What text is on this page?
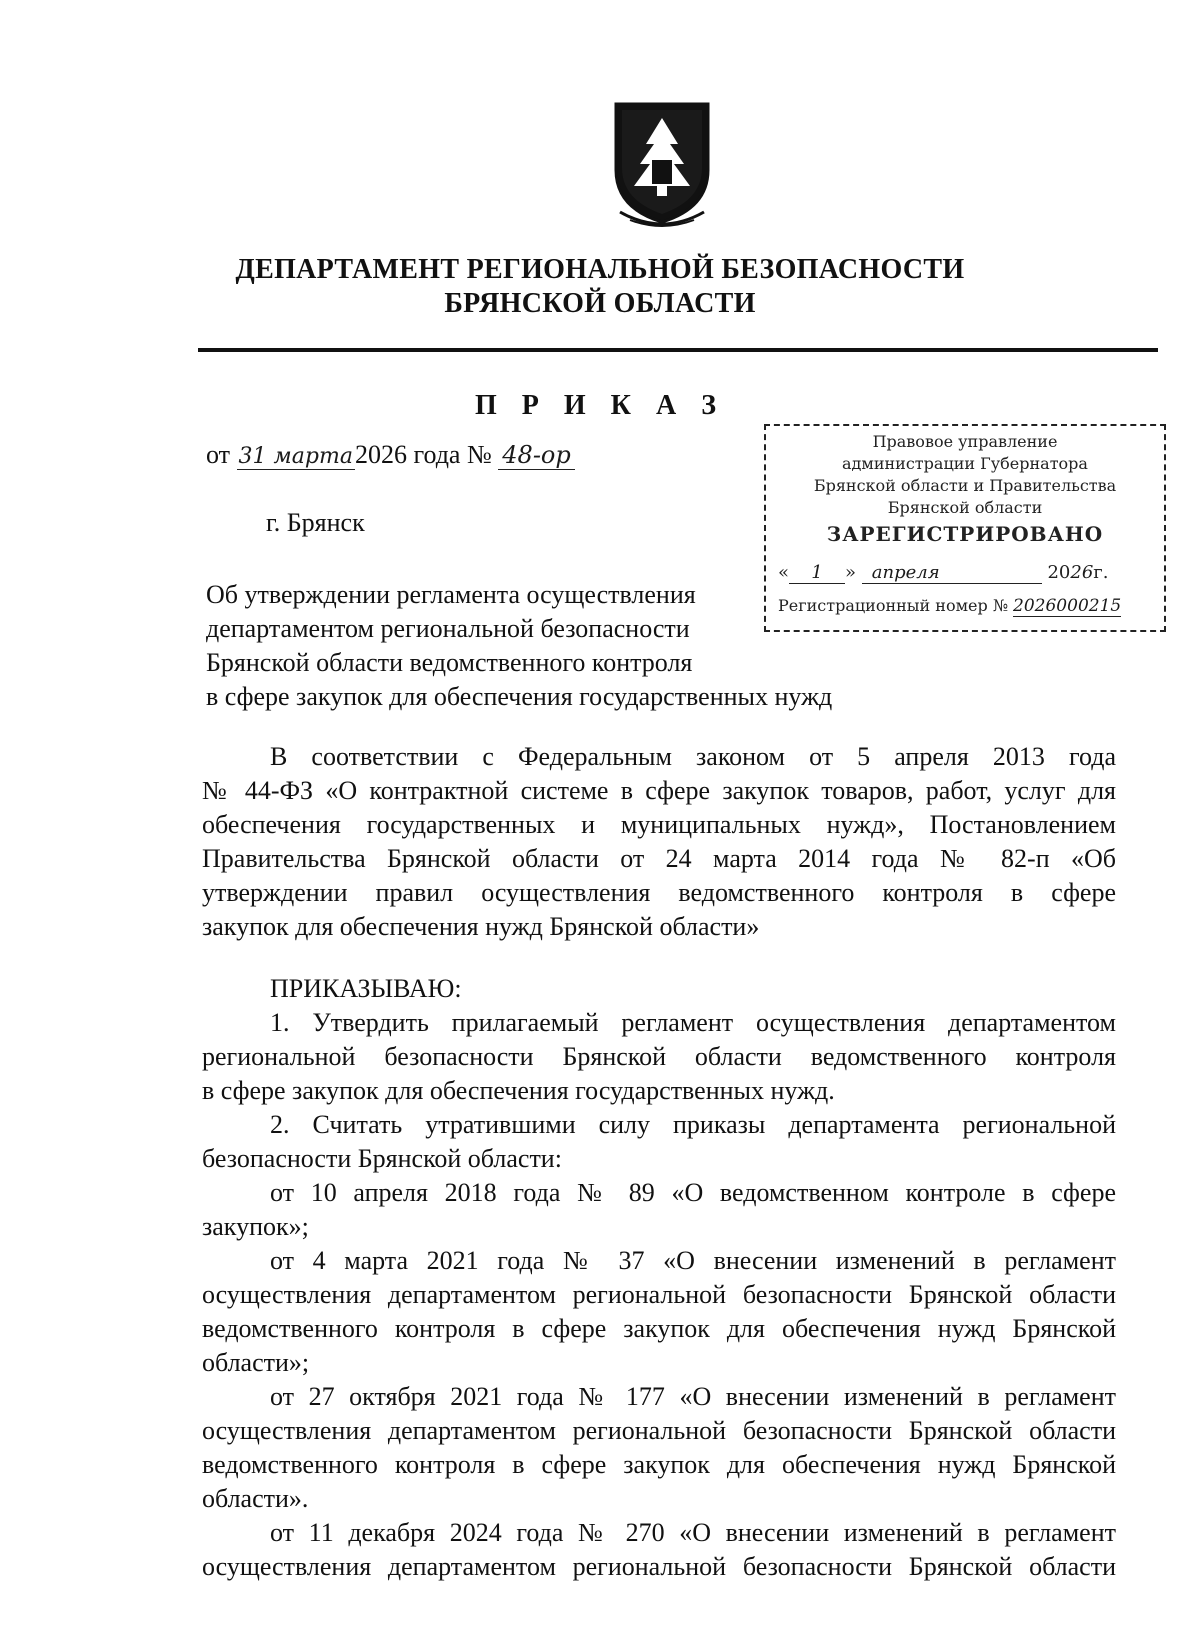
ДЕПАРТАМЕНТ РЕГИОНАЛЬНОЙ БЕЗОПАСНОСТИ
БРЯНСКОЙ ОБЛАСТИ
П Р И К А З
от 31 марта2026 года № 48-ор
г. Брянск
Правовое управление
администрации Губернатора
Брянской области и Правительства
Брянской области
ЗАРЕГИСТРИРОВАНО
« 1 » апреля	2026г.
Регистрационный номер № 2026000215
Об утверждении регламента осуществления
департаментом региональной безопасности
Брянской области ведомственного контроля
в сфере закупок для обеспечения государственных нужд
В соответствии с Федеральным законом от 5 апреля 2013 года
№ 44-ФЗ «О контрактной системе в сфере закупок товаров, работ, услуг для
обеспечения государственных и муниципальных нужд», Постановлением
Правительства Брянской области от 24 марта 2014 года № 82-п «Об
утверждении правил осуществления ведомственного контроля в сфере
закупок для обеспечения нужд Брянской области»
ПРИКАЗЫВАЮ:
1. Утвердить прилагаемый регламент осуществления департаментом
региональной безопасности Брянской области ведомственного контроля
в сфере закупок для обеспечения государственных нужд.
2. Считать утратившими силу приказы департамента региональной
безопасности Брянской области:
от 10 апреля 2018 года № 89 «О ведомственном контроле в сфере
закупок»;
от 4 марта 2021 года № 37 «О внесении изменений в регламент
осуществления департаментом региональной безопасности Брянской области
ведомственного контроля в сфере закупок для обеспечения нужд Брянской
области»;
от 27 октября 2021 года № 177 «О внесении изменений в регламент
осуществления департаментом региональной безопасности Брянской области
ведомственного контроля в сфере закупок для обеспечения нужд Брянской
области».
от 11 декабря 2024 года № 270 «О внесении изменений в регламент
осуществления департаментом региональной безопасности Брянской области
